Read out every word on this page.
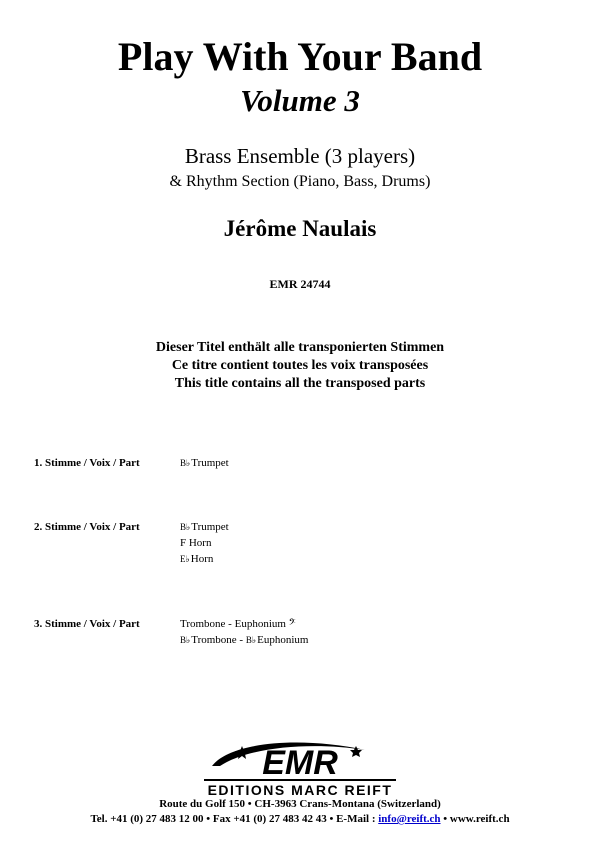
Play With Your Band
Volume 3
Brass Ensemble (3 players)
& Rhythm Section (Piano, Bass, Drums)
Jérôme Naulais
EMR 24744
Dieser Titel enthält alle transponierten Stimmen
Ce titre contient toutes les voix transposées
This title contains all the transposed parts
1. Stimme / Voix / Part	B♭Trumpet
2. Stimme / Voix / Part	B♭Trumpet
F Horn
E♭Horn
3. Stimme / Voix / Part	Trombone - Euphonium 𝄢
B♭Trombone - B♭Euphonium
EMR
EDITIONS MARC REIFT
Route du Golf 150 • CH-3963 Crans-Montana (Switzerland)
Tel. +41 (0) 27 483 12 00 • Fax +41 (0) 27 483 42 43 • E-Mail : info@reift.ch • www.reift.ch
